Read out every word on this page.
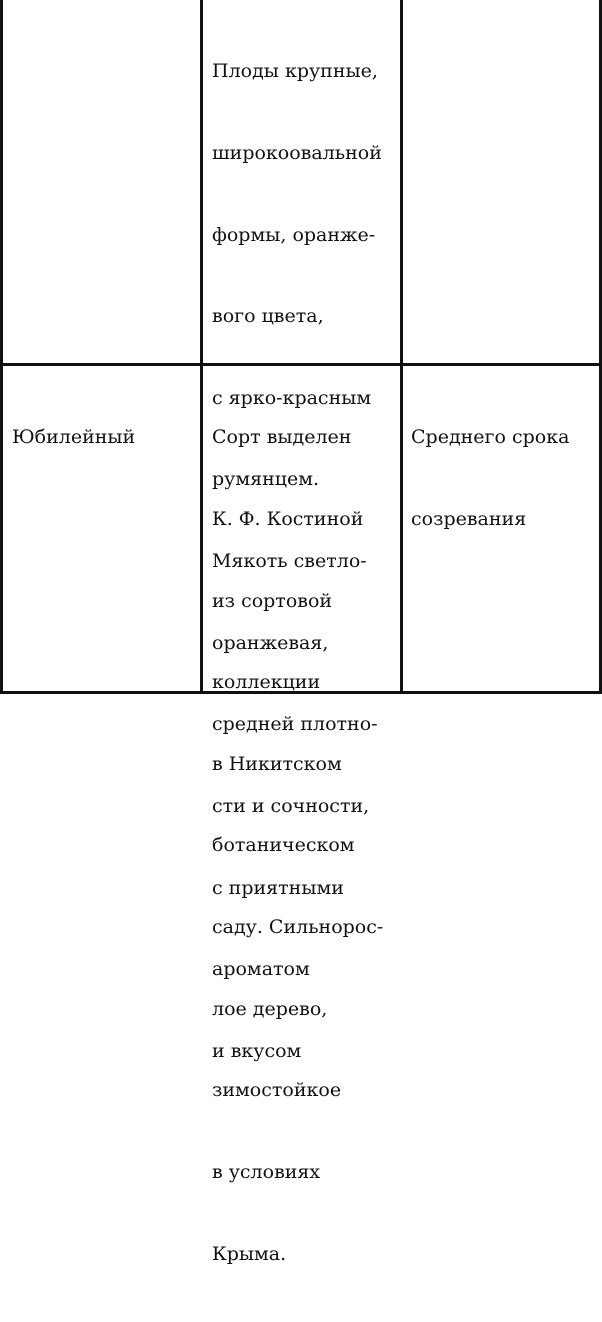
Плоды крупные,

широкоовальной

формы, оранже-

вого цвета,

с ярко-красным

румянцем.

Мякоть светло-

оранжевая,

средней плотно-

сти и сочности,

с приятными

ароматом

и вкусом

Юбилейный

	Сорт выделен

К. Ф. Костиной

из сортовой

коллекции

в Никитском

ботаническом

саду. Сильнорос-

лое дерево,

зимостойкое

в условиях

Крыма.

Среднего срока

созревания
